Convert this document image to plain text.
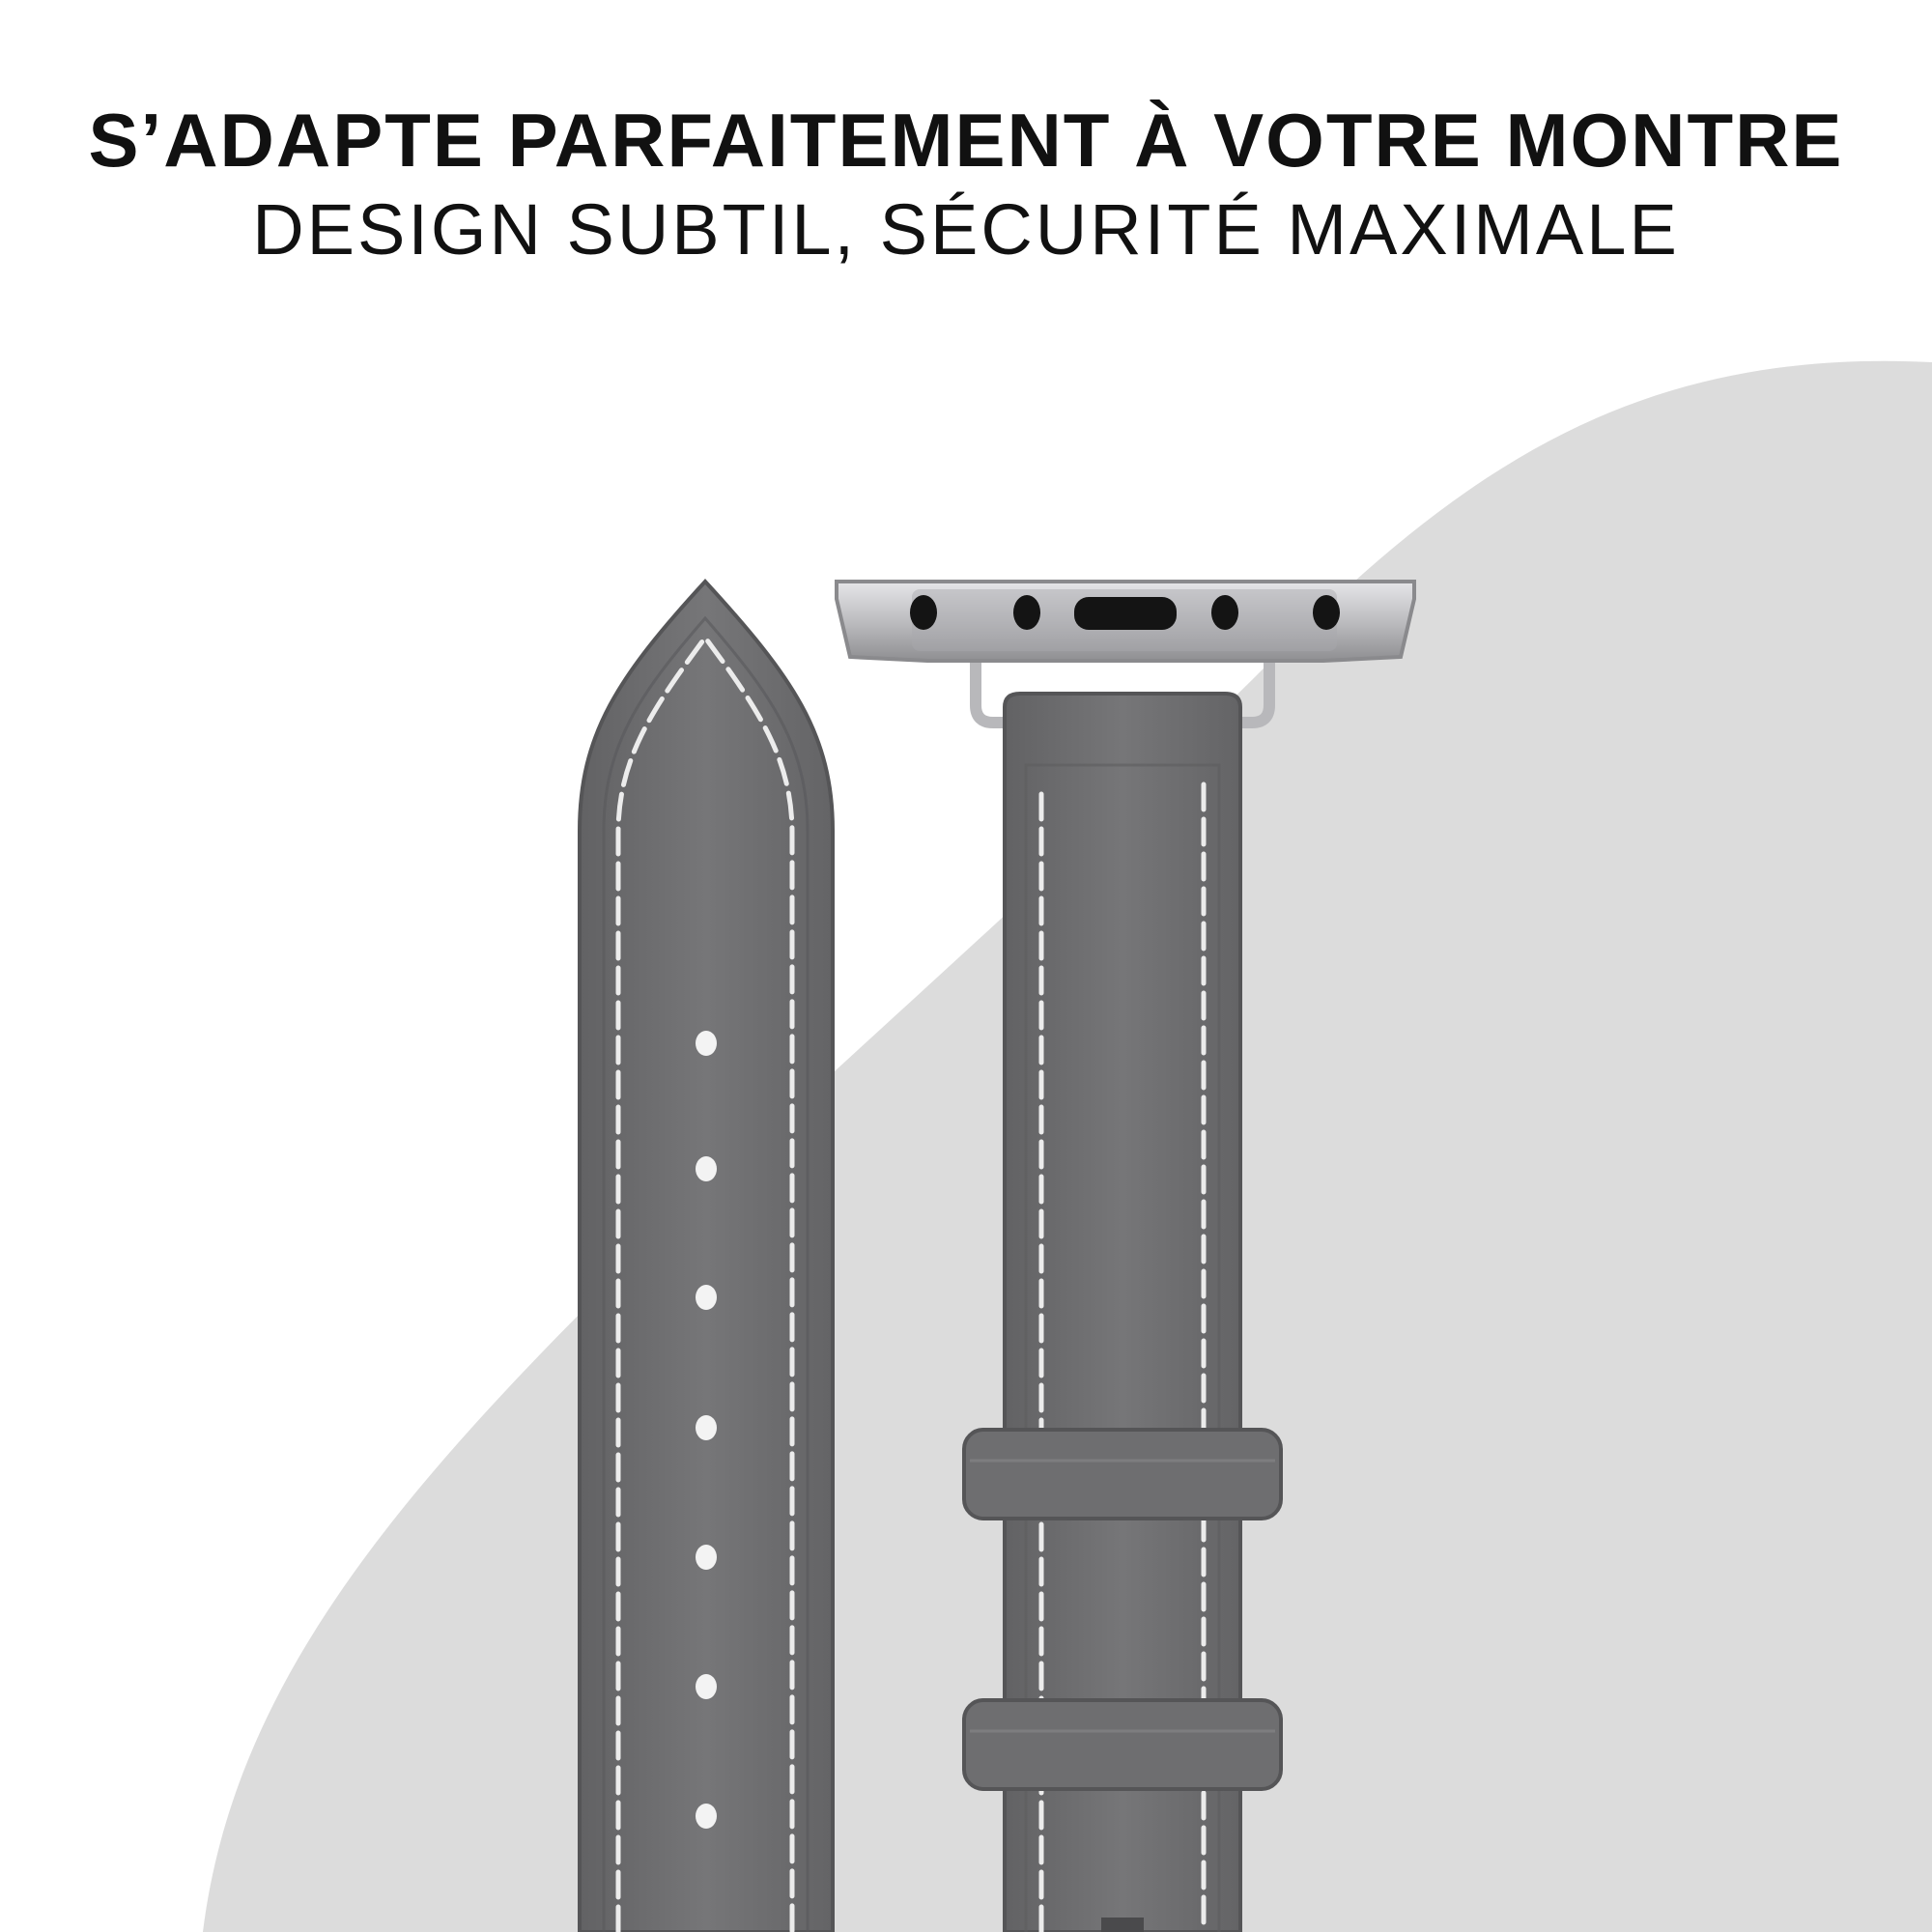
S’ADAPTE PARFAITEMENT À VOTRE MONTRE
DESIGN SUBTIL, SÉCURITÉ MAXIMALE
